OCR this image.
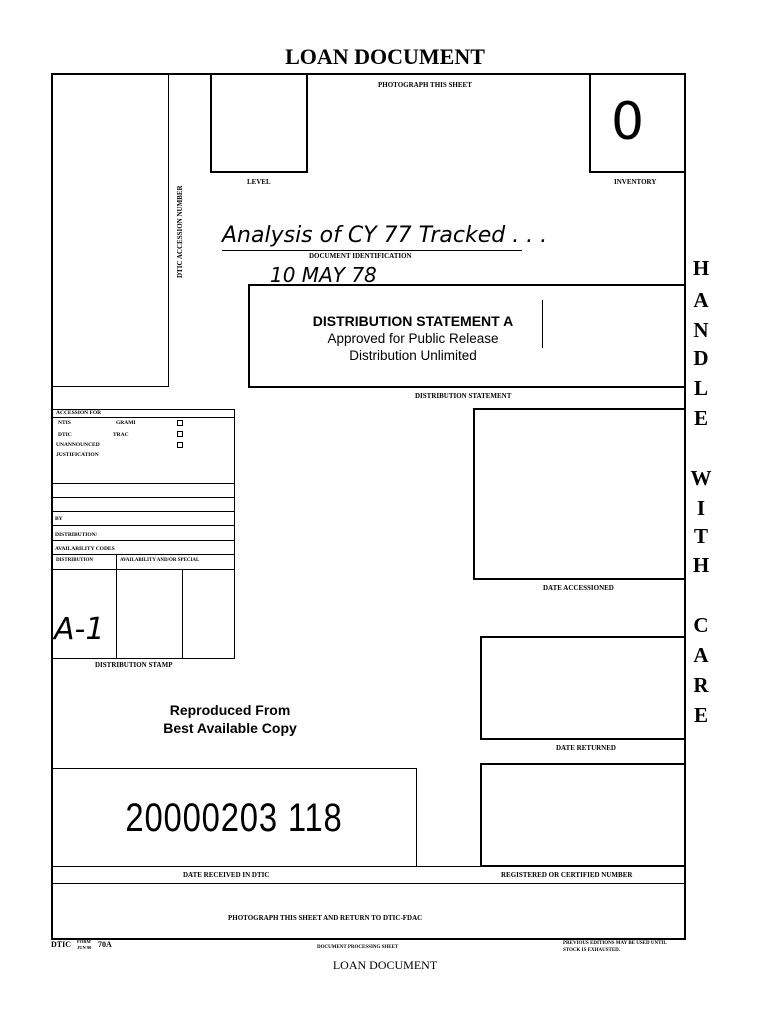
LOAN DOCUMENT
PHOTOGRAPH THIS SHEET
DTIC ACCESSION NUMBER
LEVEL
0
INVENTORY
Analysis of CY 77 Tracked . . .
DOCUMENT IDENTIFICATION
10 MAY 78
DISTRIBUTION STATEMENT A
Approved for Public Release
Distribution Unlimited
DISTRIBUTION STATEMENT
H
A
N
D
L
E
W
I
T
H
C
A
R
E
ACCESSION FOR
NTIS	GRAMI
DTIC	TRAC
UNANNOUNCED
JUSTIFICATION
BY
DISTRIBUTION/
AVAILABILITY CODES
DISTRIBUTION	AVAILABILITY AND/OR SPECIAL
A-1
DISTRIBUTION STAMP
DATE ACCESSIONED
Reproduced From
Best Available Copy
DATE RETURNED
20000203 118
DATE RECEIVED IN DTIC	REGISTERED OR CERTIFIED NUMBER
PHOTOGRAPH THIS SHEET AND RETURN TO DTIC-FDAC
DTIC FORM
JUN 90 70A	DOCUMENT PROCESSING SHEET
PREVIOUS EDITIONS MAY BE USED UNTIL
STOCK IS EXHAUSTED.
LOAN DOCUMENT
